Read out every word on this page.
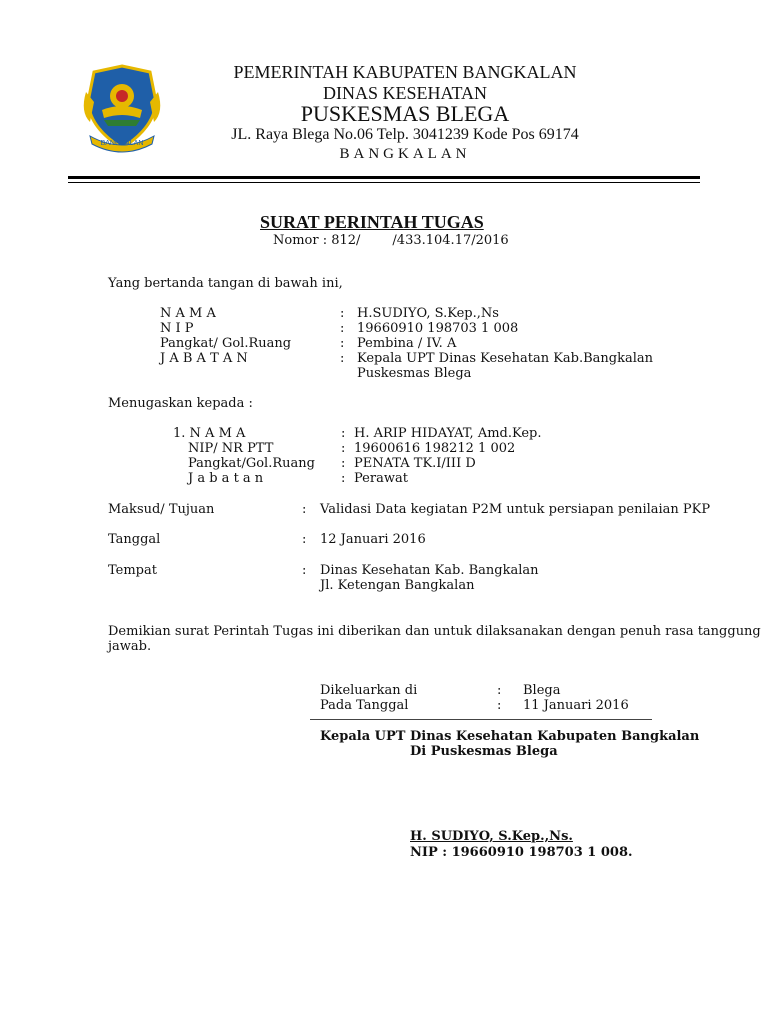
BANGKALAN
PEMERINTAH KABUPATEN BANGKALAN
DINAS KESEHATAN
PUSKESMAS BLEGA
JL. Raya Blega No.06 Telp. 3041239 Kode Pos 69174
BANGKALAN
SURAT PERINTAH TUGAS
Nomor : 812/ /433.104.17/2016
Yang bertanda tangan di bawah ini,
N A M A	: H.SUDIYO, S.Kep.,Ns
N I P	: 19660910 198703 1 008
Pangkat/ Gol.Ruang	: Pembina / IV. A
J A B A T A N	: Kepala UPT Dinas Kesehatan Kab.Bangkalan
Puskesmas Blega
Menugaskan kepada :
1. N A M A	: H. ARIP HIDAYAT, Amd.Kep.
NIP/ NR PTT	: 19600616 198212 1 002
Pangkat/Gol.Ruang : PENATA TK.I/III D
J a b a t a n	: Perawat
Maksud/ Tujuan	: Validasi Data kegiatan P2M untuk persiapan penilaian PKP
Tanggal	: 12 Januari 2016
Tempat	: Dinas Kesehatan Kab. Bangkalan
Jl. Ketengan Bangkalan
Demikian surat Perintah Tugas ini diberikan dan untuk dilaksanakan dengan penuh rasa tanggung
jawab.
Dikeluarkan di	: Blega
Pada Tanggal	: 11 Januari 2016
Kepala UPT Dinas Kesehatan Kabupaten Bangkalan
Di Puskesmas Blega
H. SUDIYO, S.Kep.,Ns.
NIP : 19660910 198703 1 008.
